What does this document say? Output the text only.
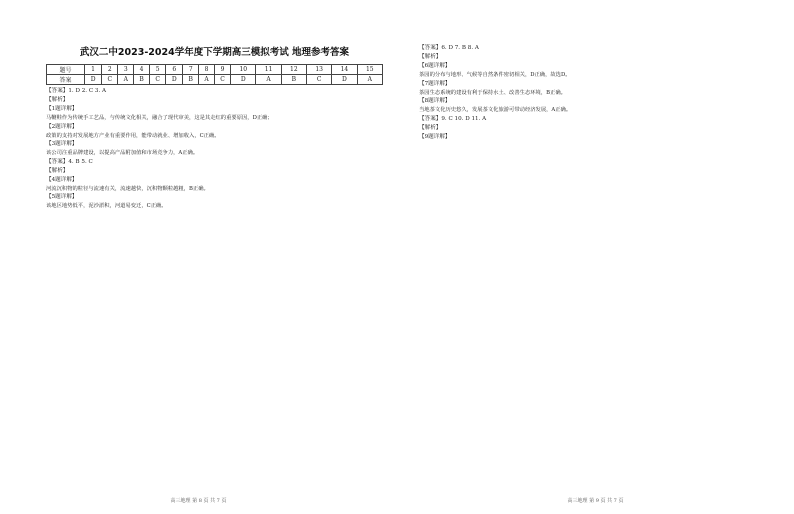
武汉二中2023-2024学年度下学期高三模拟考试 地理参考答案
题号	1	2	3	4	5	6	7	8	9	10	11	12	13	14	15
答案	D	C	A	B	C	D	B	A	C	D	A	B	C	D	A
【答案】1. D 2. C 3. A
【解析】
【1题详解】
马鞭鞋作为传统手工艺品，与传统文化相关，融合了现代审美，这是其走红的重要原因，D正确；
【2题详解】
政策的支持对发展地方产业有重要作用，能带动就业、增加收入，C正确。
【3题详解】
该公司注重品牌建设，以提高产品附加值和市场竞争力，A正确。
【答案】4. B 5. C
【解析】
【4题详解】
河流沉积物的粒径与流速有关，流速越快，沉积物颗粒越粗，B正确。
【5题详解】
该地区地势低平，泥沙淤积，河道易变迁，C正确。
高三地理 第 8 页 共 7 页
【答案】6. D 7. B 8. A
【解析】
【6题详解】
茶园的分布与地形、气候等自然条件密切相关，D正确，故选D。
【7题详解】
茶园生态系统的建设有利于保持水土、改善生态环境，B正确。
【8题详解】
当地茶文化历史悠久，发展茶文化旅游可带动经济发展，A正确。
【答案】9. C 10. D 11. A
【解析】
【9题详解】
高三地理 第 9 页 共 7 页
